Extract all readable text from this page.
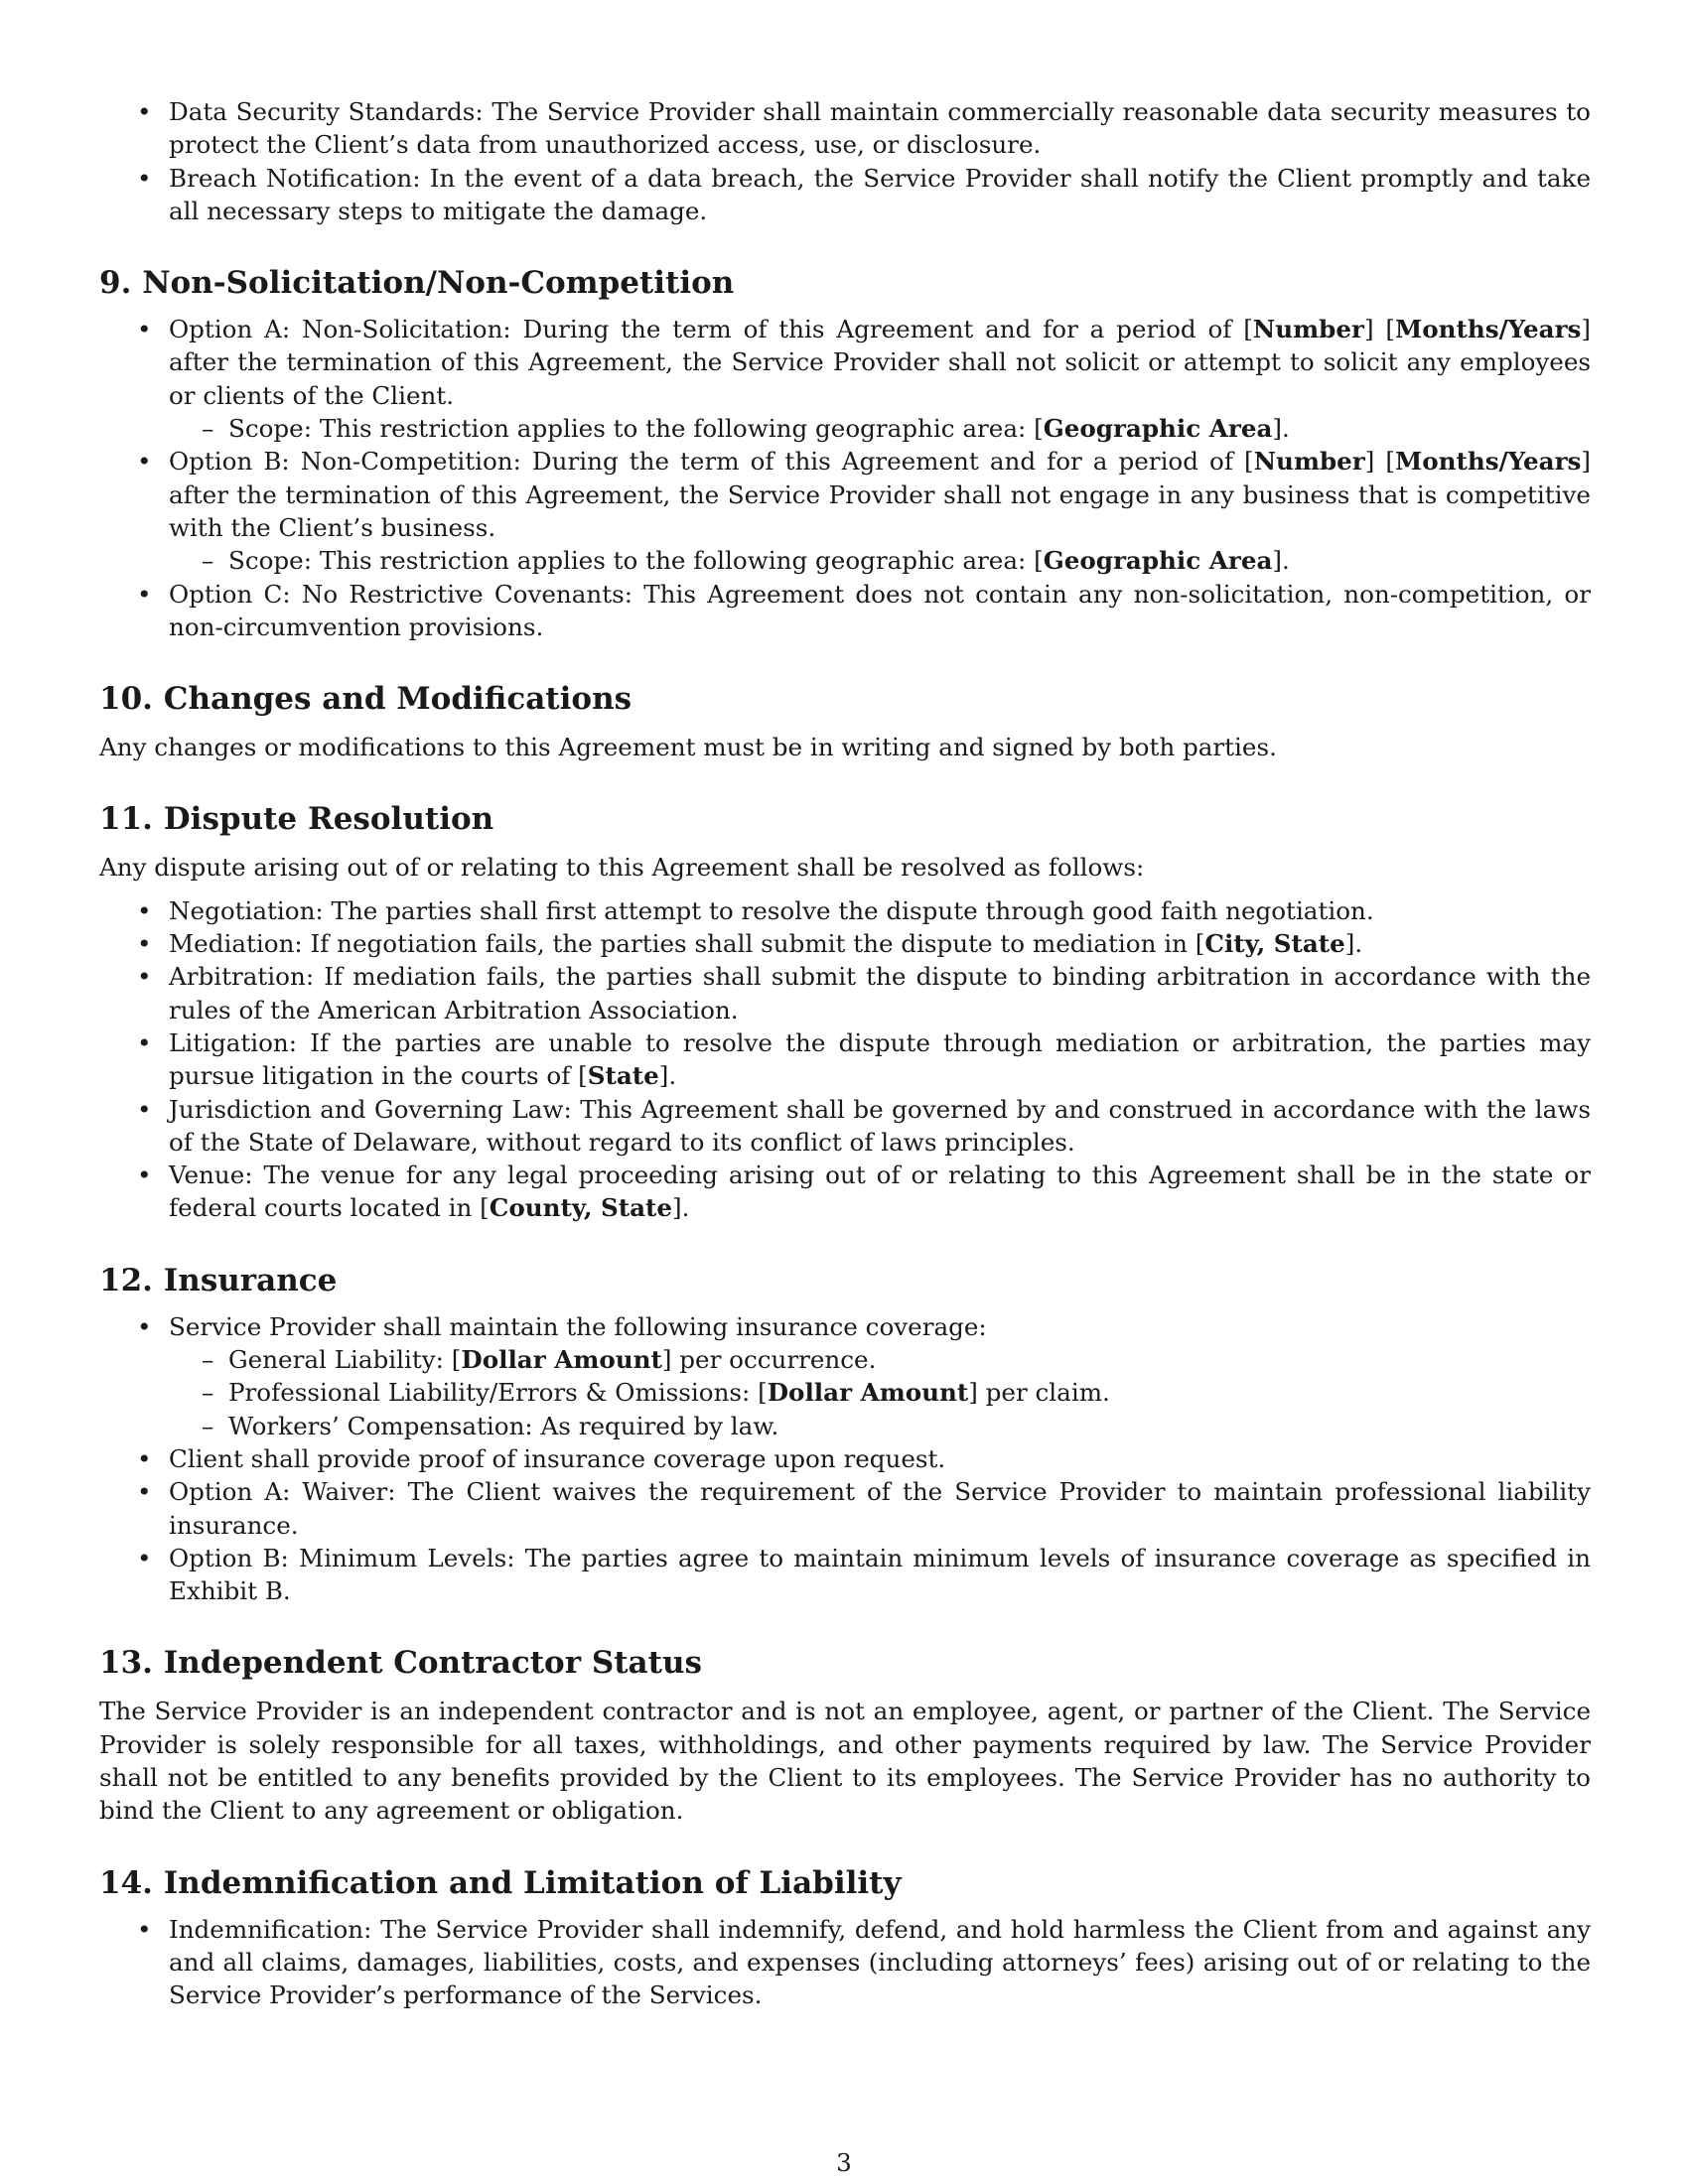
• Data Security Standards: The Service Provider shall maintain commercially reasonable data security measures to protect the Client’s data from unauthorized access, use, or disclosure.
• Breach Notification: In the event of a data breach, the Service Provider shall notify the Client promptly and take all necessary steps to mitigate the damage.
9. Non-Solicitation/Non-Competition
• Option A: Non-Solicitation: During the term of this Agreement and for a period of [Number] [Months/Years] after the termination of this Agreement, the Service Provider shall not solicit or attempt to solicit any employees or clients of the Client.
– Scope: This restriction applies to the following geographic area: [Geographic Area].
• Option B: Non-Competition: During the term of this Agreement and for a period of [Number] [Months/Years] after the termination of this Agreement, the Service Provider shall not engage in any business that is competitive with the Client’s business.
– Scope: This restriction applies to the following geographic area: [Geographic Area].
• Option C: No Restrictive Covenants: This Agreement does not contain any non-solicitation, non-competition, or non-circumvention provisions.
10. Changes and Modifications

Any changes or modifications to this Agreement must be in writing and signed by both parties.

11. Dispute Resolution

Any dispute arising out of or relating to this Agreement shall be resolved as follows:

• Negotiation: The parties shall first attempt to resolve the dispute through good faith negotiation.
• Mediation: If negotiation fails, the parties shall submit the dispute to mediation in [City, State].
• Arbitration: If mediation fails, the parties shall submit the dispute to binding arbitration in accordance with the rules of the American Arbitration Association.
• Litigation: If the parties are unable to resolve the dispute through mediation or arbitration, the parties may pursue litigation in the courts of [State].
• Jurisdiction and Governing Law: This Agreement shall be governed by and construed in accordance with the laws of the State of Delaware, without regard to its conflict of laws principles.
• Venue: The venue for any legal proceeding arising out of or relating to this Agreement shall be in the state or federal courts located in [County, State].
12. Insurance
• Service Provider shall maintain the following insurance coverage:
– General Liability: [Dollar Amount] per occurrence.
– Professional Liability/Errors & Omissions: [Dollar Amount] per claim.
– Workers’ Compensation: As required by law.
• Client shall provide proof of insurance coverage upon request.
• Option A: Waiver: The Client waives the requirement of the Service Provider to maintain professional liability insurance.
• Option B: Minimum Levels: The parties agree to maintain minimum levels of insurance coverage as specified in Exhibit B.
13. Independent Contractor Status

The Service Provider is an independent contractor and is not an employee, agent, or partner of the Client. The Service Provider is solely responsible for all taxes, withholdings, and other payments required by law. The Service Provider shall not be entitled to any benefits provided by the Client to its employees. The Service Provider has no authority to bind the Client to any agreement or obligation.

14. Indemnification and Limitation of Liability
• Indemnification: The Service Provider shall indemnify, defend, and hold harmless the Client from and against any and all claims, damages, liabilities, costs, and expenses (including attorneys’ fees) arising out of or relating to the Service Provider’s performance of the Services.
3
